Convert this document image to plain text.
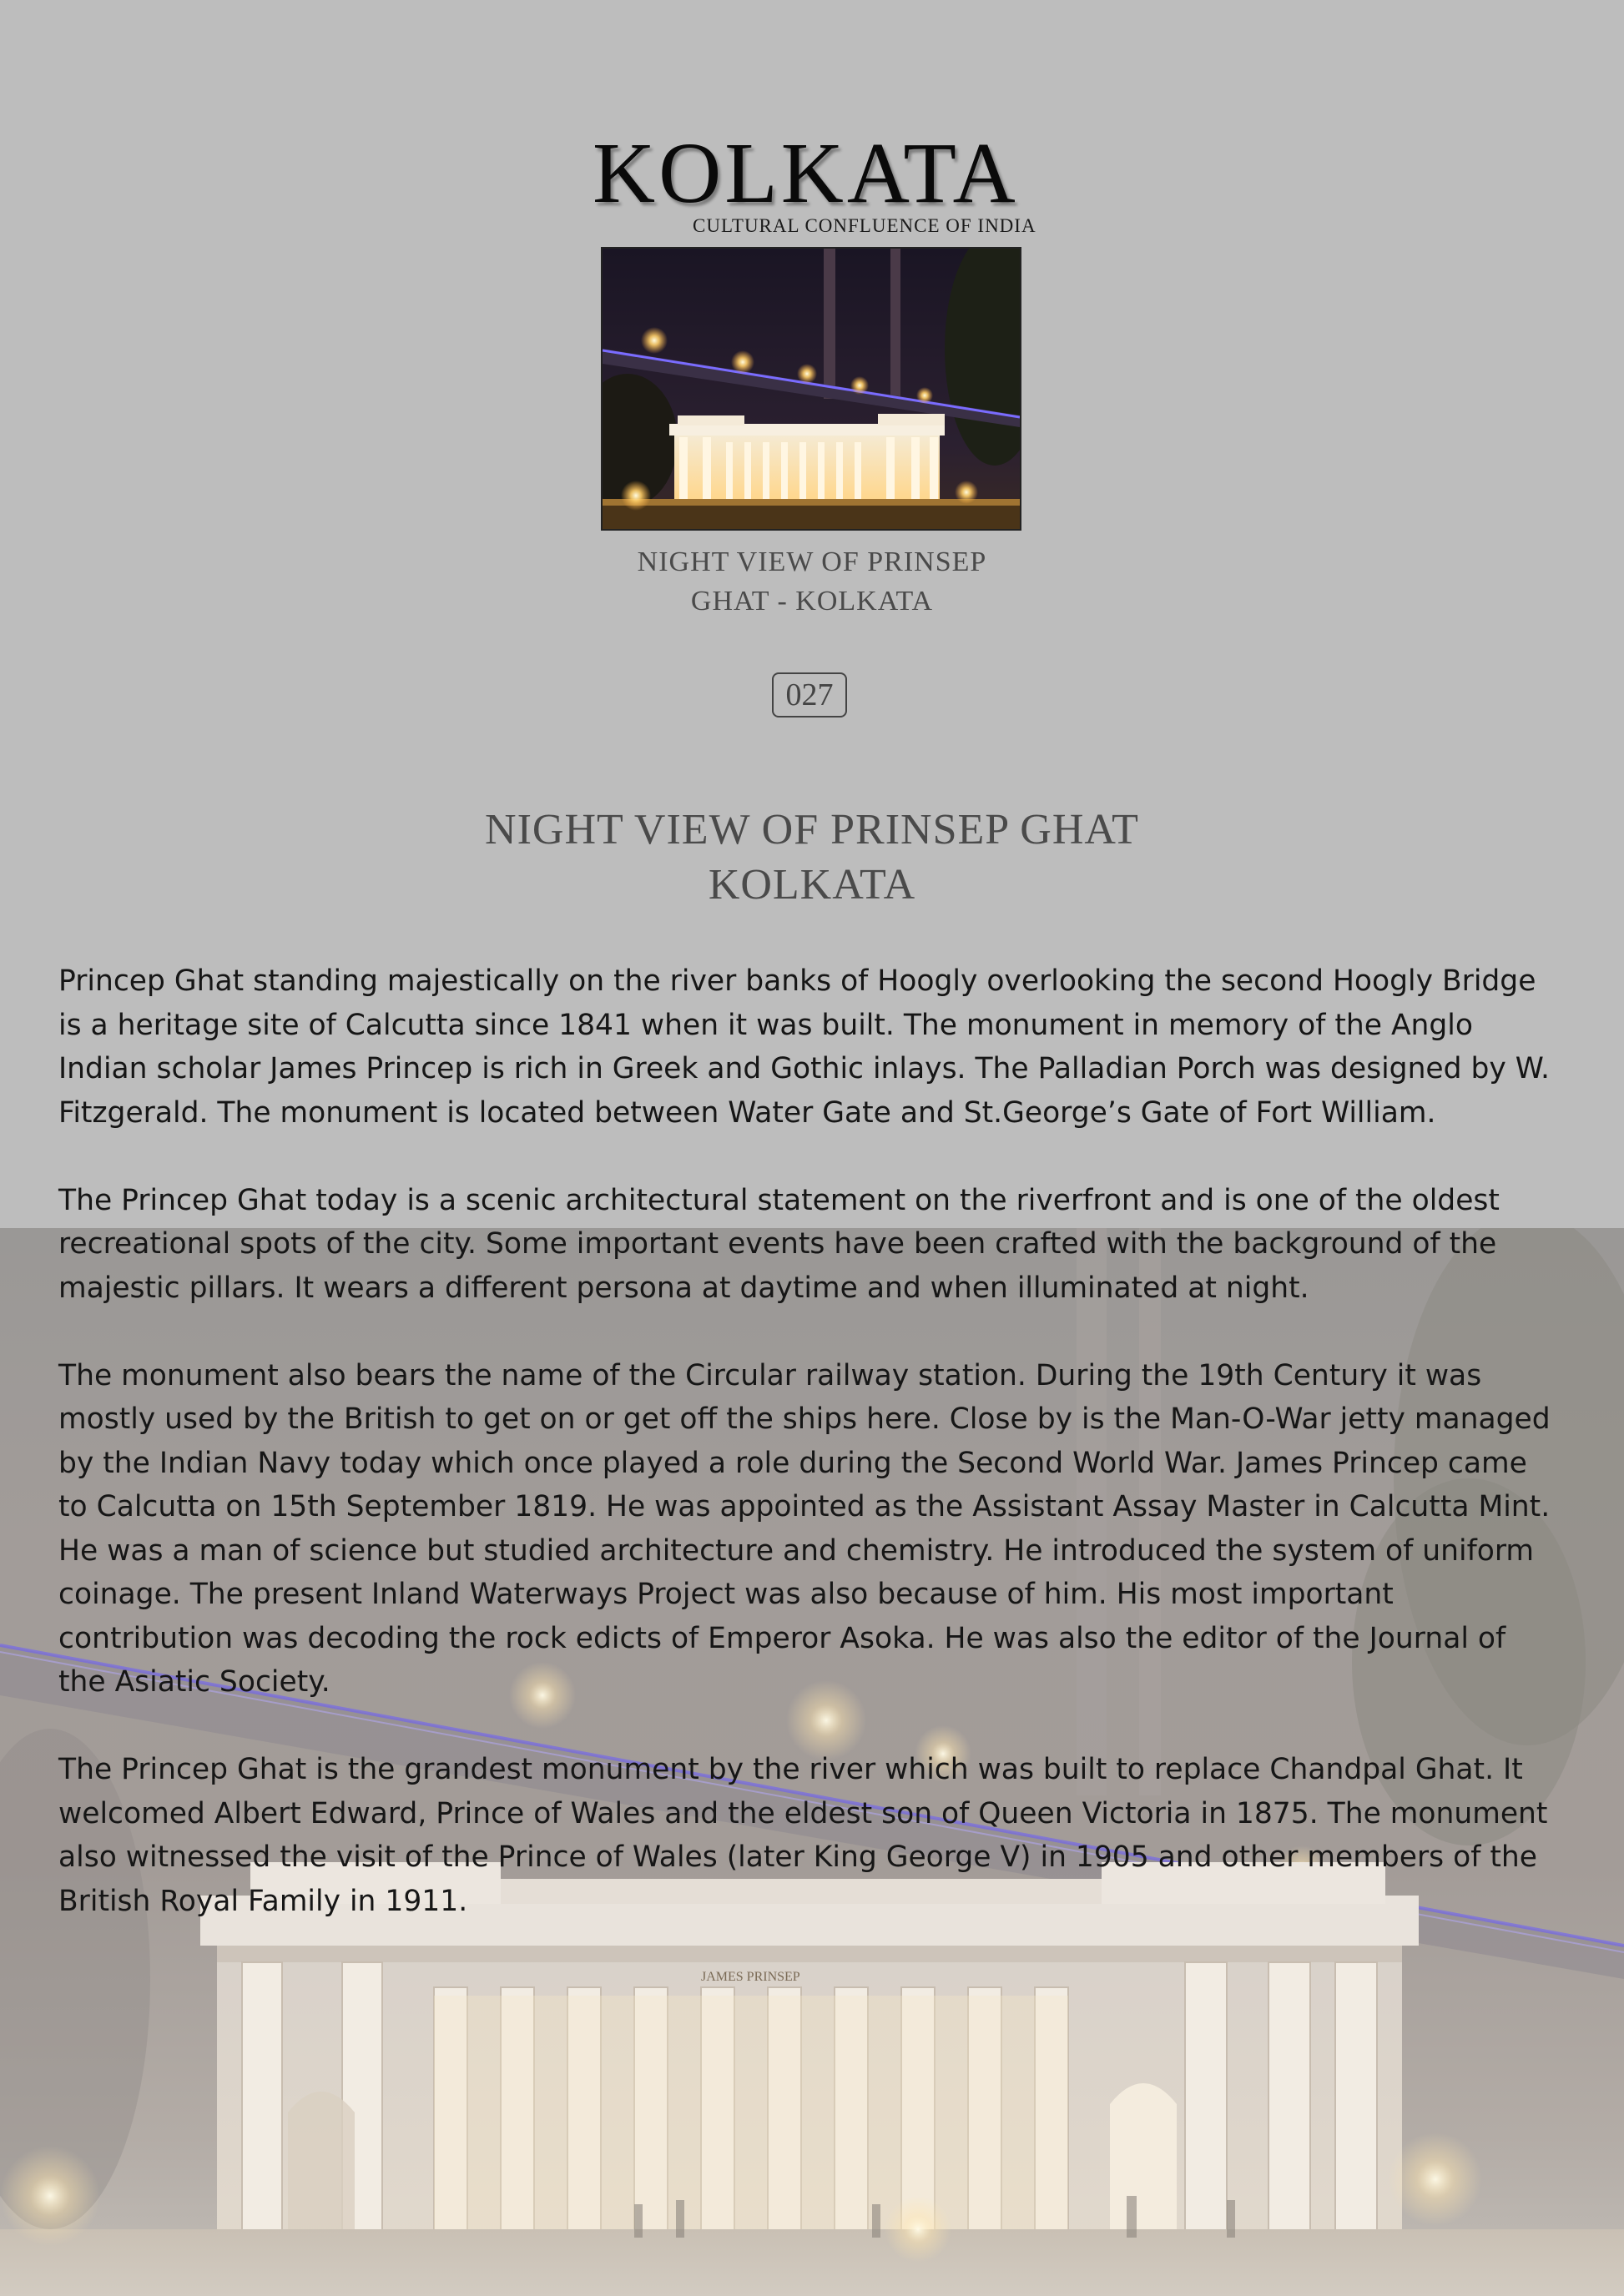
JAMES PRINSEP
KOLKATA
CULTURAL CONFLUENCE OF INDIA
NIGHT VIEW OF PRINSEP
GHAT - KOLKATA
027
NIGHT VIEW OF PRINSEP GHAT
KOLKATA

Princep Ghat standing majestically on the river banks of Hoogly overlooking the second Hoogly Bridge is a heritage site of Calcutta since 1841 when it was built. The monument in memory of the Anglo Indian scholar James Princep is rich in Greek and Gothic inlays. The Palladian Porch was designed by W. Fitzgerald. The monument is located between Water Gate and St.George’s Gate of Fort William.

The Princep Ghat today is a scenic architectural statement on the riverfront and is one of the oldest recreational spots of the city. Some important events have been crafted with the background of the majestic pillars. It wears a different persona at daytime and when illuminated at night.

The monument also bears the name of the Circular railway station. During the 19th Century it was mostly used by the British to get on or get off the ships here. Close by is the Man-O-War jetty managed by the Indian Navy today which once played a role during the Second World War. James Princep came to Calcutta on 15th September 1819. He was appointed as the Assistant Assay Master in Calcutta Mint. He was a man of science but studied architecture and chemistry. He introduced the system of uniform coinage. The present Inland Waterways Project was also because of him. His most important contribution was decoding the rock edicts of Emperor Asoka. He was also the editor of the Journal of the Asiatic Society.

The Princep Ghat is the grandest monument by the river which was built to replace Chandpal Ghat. It welcomed Albert Edward, Prince of Wales and the eldest son of Queen Victoria in 1875. The monument also witnessed the visit of the Prince of Wales (later King George V) in 1905 and other members of the British Royal Family in 1911.
